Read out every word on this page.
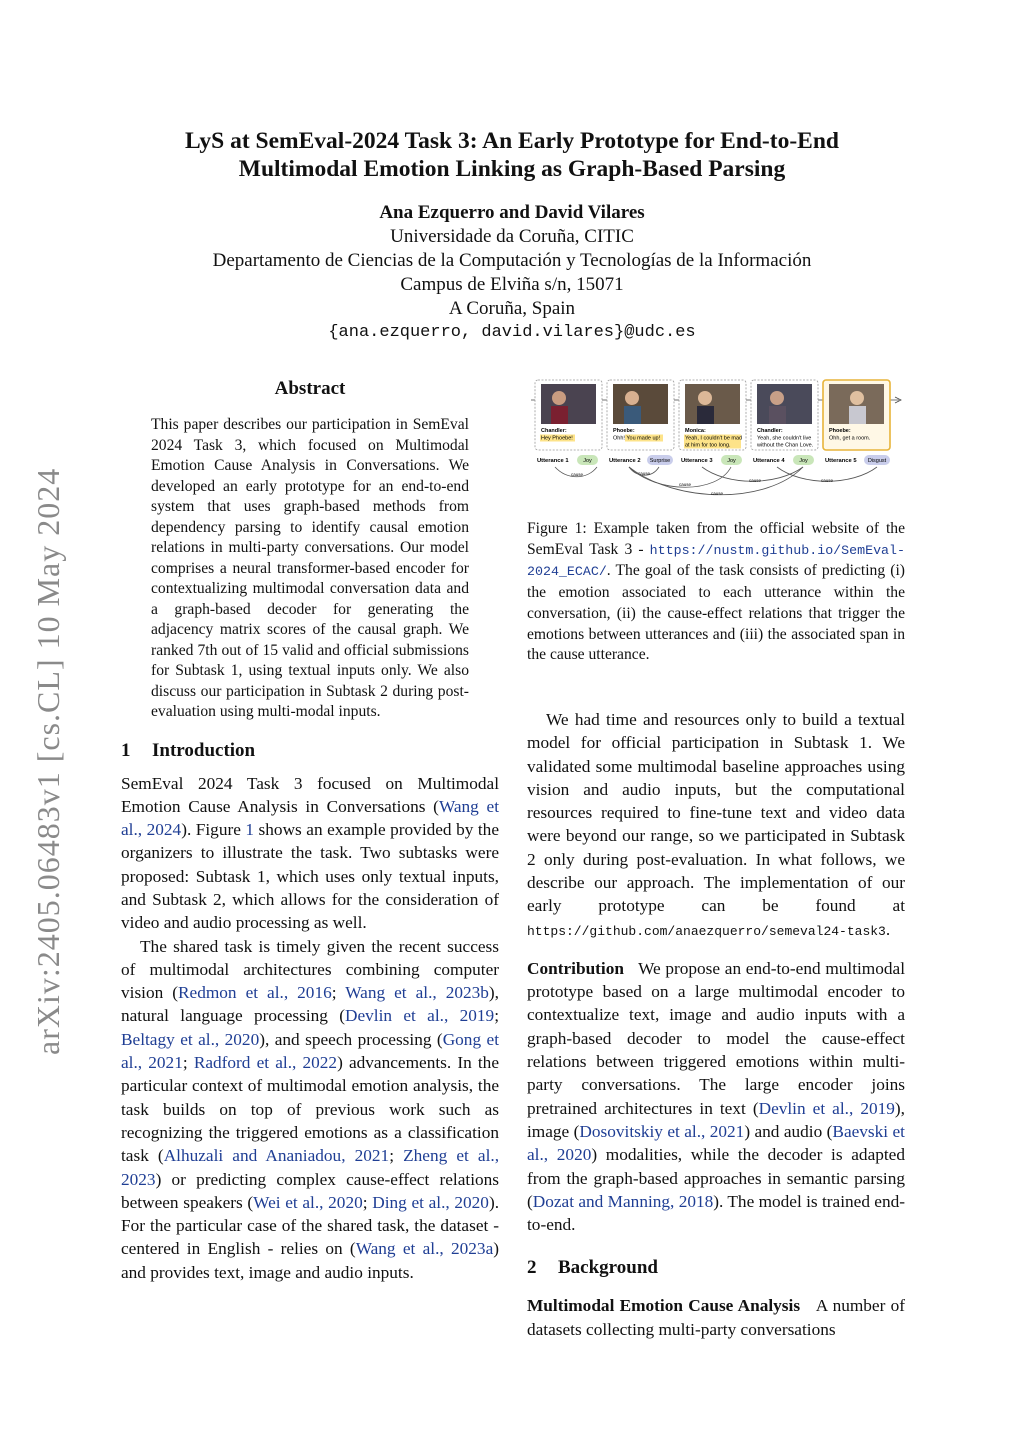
arXiv:2405.06483v1 [cs.CL] 10 May 2024
LyS at SemEval-2024 Task 3: An Early Prototype for End-to-End
Multimodal Emotion Linking as Graph-Based Parsing
Ana Ezquerro and David Vilares
Universidade da Coruña, CITIC
Departamento de Ciencias de la Computación y Tecnologías de la Información
Campus de Elviña s/n, 15071
A Coruña, Spain
{ana.ezquerro, david.vilares}@udc.es
Abstract

This paper describes our participation in SemEval 2024 Task 3, which focused on Multimodal Emotion Cause Analysis in Conversations. We developed an early prototype for an end-to-end system that uses graph-based methods from dependency parsing to identify causal emotion relations in multi-party conversations. Our model comprises a neural transformer-based encoder for contextualizing multimodal conversation data and a graph-based decoder for generating the adjacency matrix scores of the causal graph. We ranked 7th out of 15 valid and official submissions for Subtask 1, using textual inputs only. We also discuss our participation in Subtask 2 during post-evaluation using multi-modal inputs.

1 Introduction

SemEval 2024 Task 3 focused on Multimodal Emotion Cause Analysis in Conversations (Wang et al., 2024). Figure 1 shows an example provided by the organizers to illustrate the task. Two subtasks were proposed: Subtask 1, which uses only textual inputs, and Subtask 2, which allows for the consideration of video and audio processing as well.

The shared task is timely given the recent success of multimodal architectures combining computer vision (Redmon et al., 2016; Wang et al., 2023b), natural language processing (Devlin et al., 2019; Beltagy et al., 2020), and speech processing (Gong et al., 2021; Radford et al., 2022) advancements. In the particular context of multimodal emotion analysis, the task builds on top of previous work such as recognizing the triggered emotions as a classification task (Alhuzali and Ananiadou, 2021; Zheng et al., 2023) or predicting complex cause-effect relations between speakers (Wei et al., 2020; Ding et al., 2020). For the particular case of the shared task, the dataset - centered in English - relies on (Wang et al., 2023a) and provides text, image and audio inputs.

Chandler:
Hey Phoebe!
Phoebe:
Ohh! You made up!
Monica:
Yeah, I couldn't be mad
at him for too long.
Chandler:
Yeah, she couldn't live
without the Chan Love.
Phoebe:
Ohh, get a room.
Utterance 1	Joy	Utterance 2 Surprise Utterance 3	Joy	Utterance 4	Joy	Utterance 5 Disgust
cause	cause
cause
cause
cause
cause

Figure 1: Example taken from the official website of the SemEval Task 3 - https://nustm.github.io/SemEval-2024_ECAC/. The goal of the task consists of predicting (i) the emotion associated to each utterance within the conversation, (ii) the cause-effect relations that trigger the emotions between utterances and (iii) the associated span in the cause utterance.

We had time and resources only to build a textual model for official participation in Subtask 1. We validated some multimodal baseline approaches using vision and audio inputs, but the computational resources required to fine-tune text and video data were beyond our range, so we participated in Subtask 2 only during post-evaluation. In what follows, we describe our approach. The implementation of our early prototype can be found at https://github.com/anaezquerro/semeval24-task3.

Contribution We propose an end-to-end multimodal prototype based on a large multimodal encoder to contextualize text, image and audio inputs with a graph-based decoder to model the cause-effect relations between triggered emotions within multi-party conversations. The large encoder joins pretrained architectures in text (Devlin et al., 2019), image (Dosovitskiy et al., 2021) and audio (Baevski et al., 2020) modalities, while the decoder is adapted from the graph-based approaches in semantic parsing (Dozat and Manning, 2018). The model is trained end-to-end.

2 Background

Multimodal Emotion Cause Analysis A number of datasets collecting multi-party conversations
